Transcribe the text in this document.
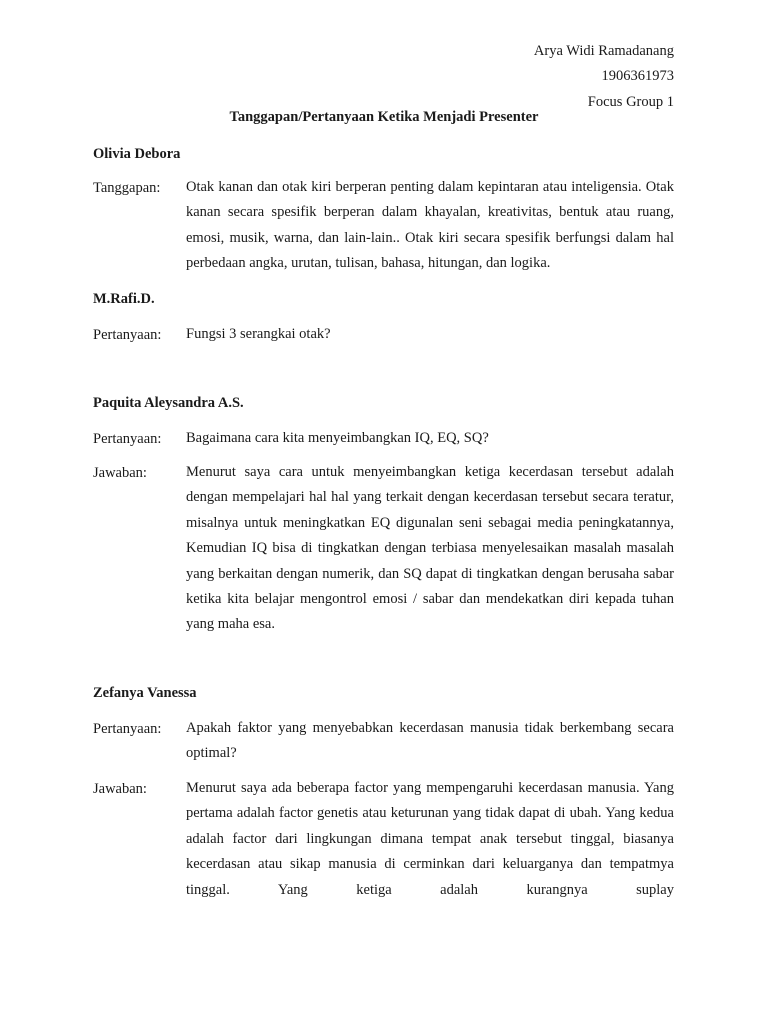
Arya Widi Ramadanang
1906361973
Focus Group 1
Tanggapan/Pertanyaan Ketika Menjadi Presenter
Olivia Debora
Tanggapan: Otak kanan dan otak kiri berperan penting dalam kepintaran atau inteligensia. Otak kanan secara spesifik berperan dalam khayalan, kreativitas, bentuk atau ruang, emosi, musik, warna, dan lain-lain.. Otak kiri secara spesifik berfungsi dalam hal perbedaan angka, urutan, tulisan, bahasa, hitungan, dan logika.
M.Rafi.D.
Pertanyaan: Fungsi 3 serangkai otak?
Paquita Aleysandra A.S.
Pertanyaan: Bagaimana cara kita menyeimbangkan IQ, EQ, SQ?
Jawaban:	Menurut saya cara untuk menyeimbangkan ketiga kecerdasan tersebut adalah dengan mempelajari hal hal yang terkait dengan kecerdasan tersebut secara teratur, misalnya untuk meningkatkan EQ digunalan seni sebagai media peningkatannya, Kemudian IQ bisa di tingkatkan dengan terbiasa menyelesaikan masalah masalah yang berkaitan dengan numerik, dan SQ dapat di tingkatkan dengan berusaha sabar ketika kita belajar mengontrol emosi / sabar dan mendekatkan diri kepada tuhan yang maha esa.
Zefanya Vanessa
Pertanyaan: Apakah faktor yang menyebabkan kecerdasan manusia tidak berkembang secara optimal?
Jawaban:	Menurut saya ada beberapa factor yang mempengaruhi kecerdasan manusia. Yang pertama adalah factor genetis atau keturunan yang tidak dapat di ubah. Yang kedua adalah factor dari lingkungan dimana tempat anak tersebut tinggal, biasanya kecerdasan atau sikap manusia di cerminkan dari keluarganya dan tempatmya tinggal. Yang ketiga adalah kurangnya suplay
